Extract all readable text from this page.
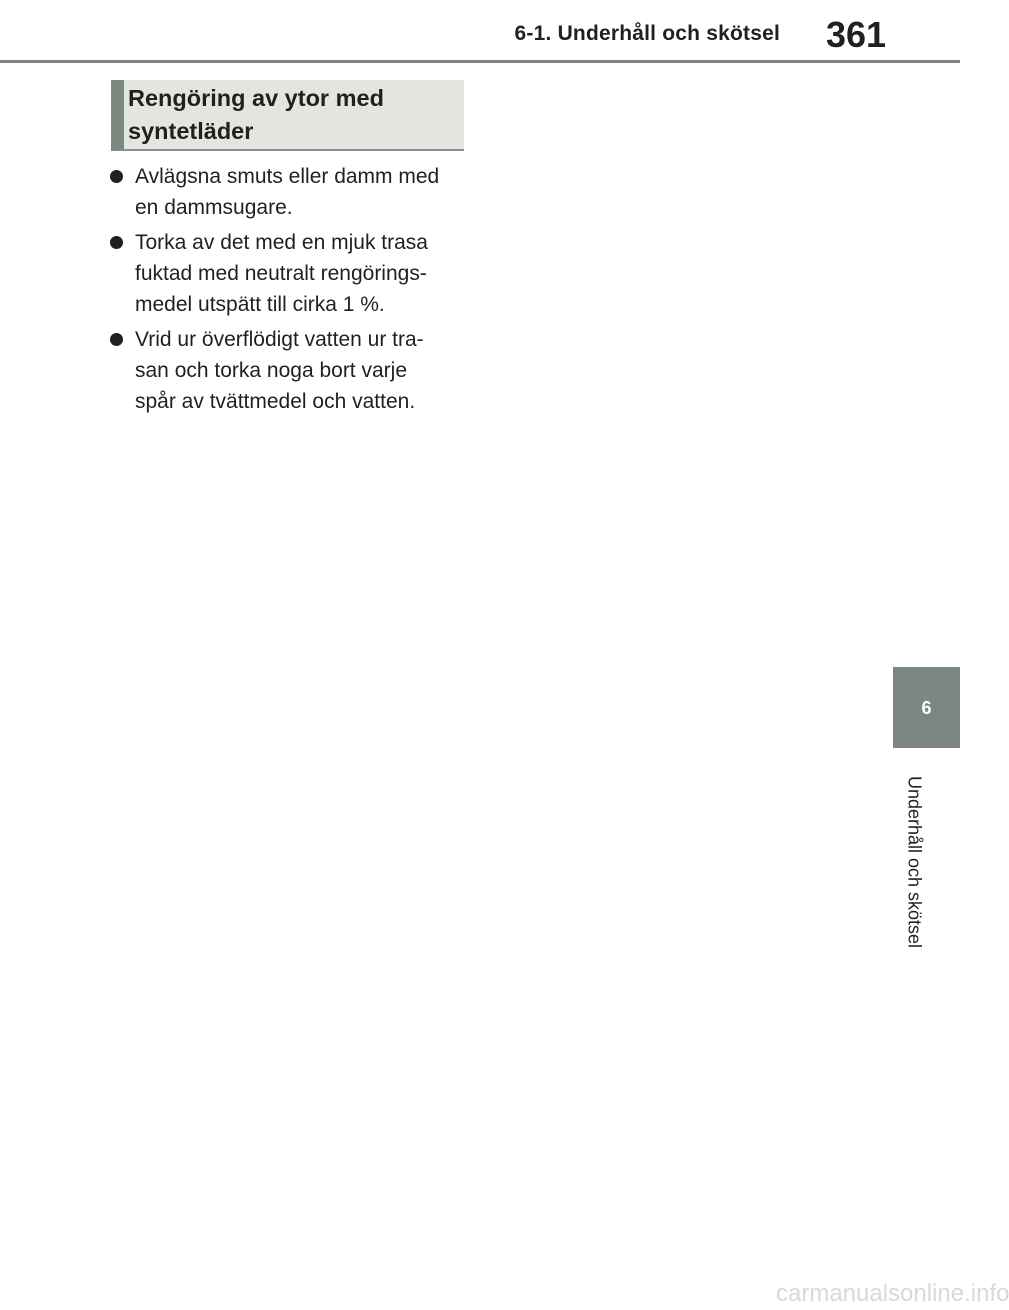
6-1. Underhåll och skötsel 361
Rengöring av ytor med
syntetläder
Avlägsna smuts eller damm med
en dammsugare.
Torka av det med en mjuk trasa
fuktad med neutralt rengörings-
medel utspätt till cirka 1 %.
Vrid ur överflödigt vatten ur tra-
san och torka noga bort varje
spår av tvättmedel och vatten.
6
Underhåll och skötsel
carmanualsonline.info
